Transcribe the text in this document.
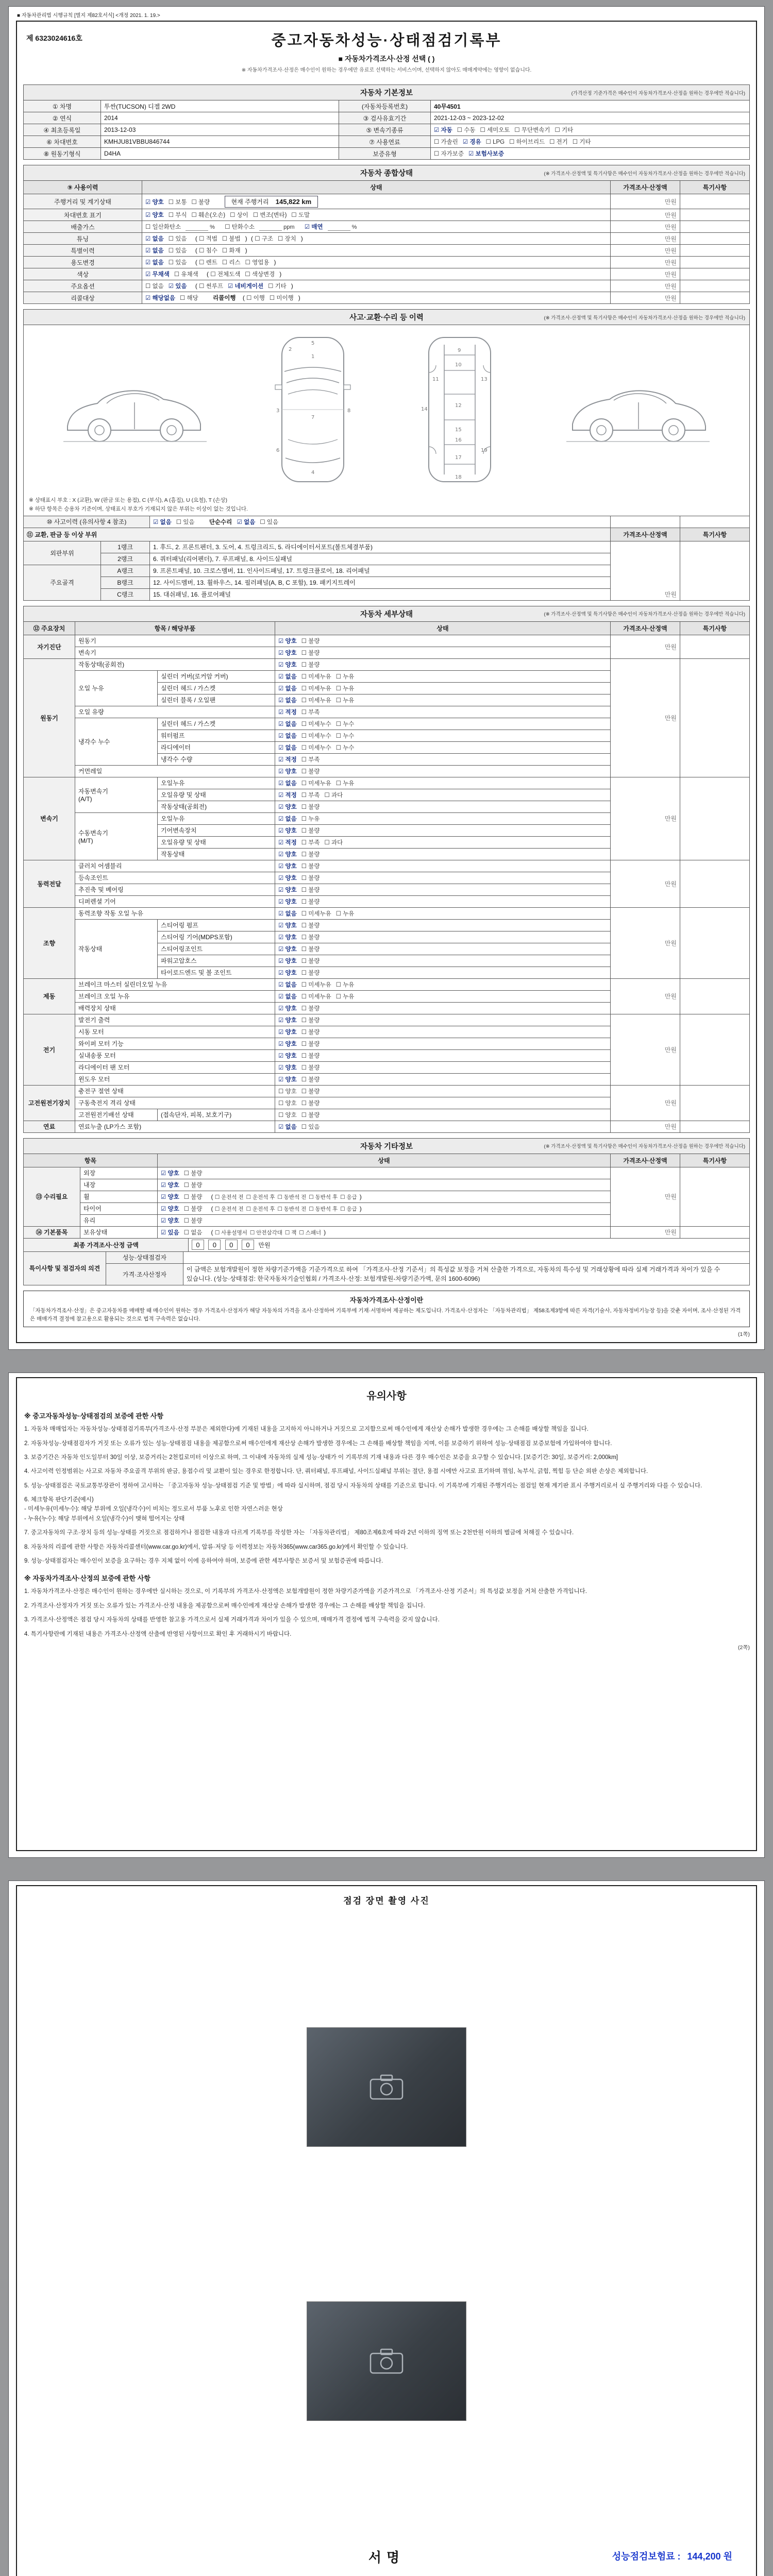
■ 자동차관리법 시행규칙 [별지 제82호서식] <개정 2021. 1. 19.>
제 6323024616호	중고자동차성능·상태점검기록부
■ 자동차가격조사·산정 선택 ( )
※ 자동차가격조사·산정은 매수인이 원하는 경우에만 유료로 선택하는 서비스이며, 선택하지 않아도 매매계약에는 영향이 없습니다.
자동차 기본정보	(가격산정 기준가격은 매수인이 자동차가격조사·산정을 원하는 경우에만 적습니다)
① 차명	투싼(TUCSON) 디젤 2WD	(자동차등록번호)	40무4501
② 연식	2014	③ 검사유효기간	2021-12-03 ~ 2023-12-02
④ 최초등록일	2013-12-03	⑤ 변속기종류	☑ 자동 ☐ 수동 ☐ 세미오토 ☐ 무단변속기 ☐ 기타
⑥ 차대번호	KMHJU81VBBU846744	⑦ 사용연료	☐ 가솔린 ☑ 경유 ☐ LPG ☐ 하이브리드 ☐ 전기 ☐ 기타
⑧ 원동기형식	D4HA	보증유형	☐ 자가보증 ☑ 보험사보증
자동차 종합상태	(※ 가격조사·산정액 및 특기사항은 매수인이 자동차가격조사·산정을 원하는 경우에만 적습니다)
⑨ 사용이력	상태	가격조사·산정액	특기사항
주행거리 및 계기상태	☑ 양호 ☐ 보통 ☐ 불량 현재 주행거리 145,822 km	만원	
차대번호 표기	☑ 양호 ☐ 부식 ☐ 훼손(오손) ☐ 상이 ☐ 변조(변타) ☐ 도말	만원	
배출가스	☐ 일산화탄소 % ☐ 탄화수소 ppm ☑ 매연 %	만원	
튜닝	☑ 없음 ☐ 있음 ( ☐ 적법 ☐ 불법 ) ( ☐ 구조 ☐ 장치 )	만원	
특별이력	☑ 없음 ☐ 있음 ( ☐ 침수 ☐ 화재 )	만원	
용도변경	☑ 없음 ☐ 있음 ( ☐ 렌트 ☐ 리스 ☐ 영업용 )	만원	
색상	☑ 무채색 ☐ 유채색 ( ☐ 전체도색 ☐ 색상변경 )	만원	
주요옵션	☐ 없음 ☑ 있음 ( ☐ 썬루프 ☑ 네비게이션 ☐ 기타 )	만원	
리콜대상	☑ 해당없음 ☐ 해당 리콜이행 ( ☐ 이행 ☐ 미이행 )	만원	
사고·교환·수리 등 이력	(※ 가격조사·산정액 및 특기사항은 매수인이 자동차가격조사·산정을 원하는 경우에만 적습니다)
1
2
3
4
5
6
7
8
9
10
11
12
13
14
15
16
17
18
19
※ 상태표시 부호 : X (교환), W (판금 또는 용접), C (부식), A (흠집), U (요철), T (손상)
※ 하단 항목은 승용차 기준이며, 상태표시 부호가 기재되지 않은 부위는 이상이 없는 것입니다.
⑩ 사고이력 (유의사항 4 참조)		☑ 없음 ☐ 있음 단순수리 ☑ 없음 ☐ 있음		
⑪ 교환, 판금 등 이상 부위			가격조사·산정액	특기사항
외판부위	1랭크	1. 후드, 2. 프론트펜더, 3. 도어, 4. 트렁크리드, 5. 라디에이터서포트(볼트체결부품)	만원	
	2랭크	6. 쿼터패널(리어펜더), 7. 루프패널, 8. 사이드실패널		
주요골격	A랭크	9. 프론트패널, 10. 크로스멤버, 11. 인사이드패널, 17. 트렁크플로어, 18. 리어패널		
	B랭크	12. 사이드멤버, 13. 휠하우스, 14. 필러패널(A, B, C 포함), 19. 패키지트레이		
	C랭크	15. 대쉬패널, 16. 플로어패널		
자동차 세부상태	(※ 가격조사·산정액 및 특기사항은 매수인이 자동차가격조사·산정을 원하는 경우에만 적습니다)
⑫ 주요장치	항목 / 해당부품		상태	가격조사·산정액	특기사항
자기진단	원동기		☑ 양호 ☐ 불량	만원	
	변속기		☑ 양호 ☐ 불량		
원동기	작동상태(공회전)		☑ 양호 ☐ 불량	만원	
	오일 누유	실린더 커버(로커암 커버)	☑ 없음 ☐ 미세누유 ☐ 누유		
		실린더 헤드 / 가스켓	☑ 없음 ☐ 미세누유 ☐ 누유		
		실린더 블록 / 오일팬	☑ 없음 ☐ 미세누유 ☐ 누유		
	오일 유량		☑ 적정 ☐ 부족		
	냉각수 누수	실린더 헤드 / 가스켓	☑ 없음 ☐ 미세누수 ☐ 누수		
		워터펌프	☑ 없음 ☐ 미세누수 ☐ 누수		
		라디에이터	☑ 없음 ☐ 미세누수 ☐ 누수		
		냉각수 수량	☑ 적정 ☐ 부족		
	커먼레일		☑ 양호 ☐ 불량		
변속기	자동변속기
(A/T)	오일누유	☑ 없음 ☐ 미세누유 ☐ 누유	만원	
		오일유량 및 상태	☑ 적정 ☐ 부족 ☐ 과다		
		작동상태(공회전)	☑ 양호 ☐ 불량		
	수동변속기
(M/T)	오일누유	☑ 없음 ☐ 누유		
		기어변속장치	☑ 양호 ☐ 불량		
		오일유량 및 상태	☑ 적정 ☐ 부족 ☐ 과다		
		작동상태	☑ 양호 ☐ 불량		
동력전달	클러치 어셈블리		☑ 양호 ☐ 불량	만원	
	등속조인트		☑ 양호 ☐ 불량		
	추진축 및 베어링		☑ 양호 ☐ 불량		
	디퍼렌셜 기어		☑ 양호 ☐ 불량		
조향	동력조향 작동 오일 누유		☑ 없음 ☐ 미세누유 ☐ 누유	만원	
	작동상태	스티어링 펌프	☑ 양호 ☐ 불량		
		스티어링 기어(MDPS포함)	☑ 양호 ☐ 불량		
		스티어링조인트	☑ 양호 ☐ 불량		
		파워고압호스	☑ 양호 ☐ 불량		
		타이로드엔드 및 볼 조인트	☑ 양호 ☐ 불량		
제동	브레이크 마스터 실린더오일 누유		☑ 없음 ☐ 미세누유 ☐ 누유	만원	
	브레이크 오일 누유		☑ 없음 ☐ 미세누유 ☐ 누유		
	배력장치 상태		☑ 양호 ☐ 불량		
전기	발전기 출력		☑ 양호 ☐ 불량	만원	
	시동 모터		☑ 양호 ☐ 불량		
	와이퍼 모터 기능		☑ 양호 ☐ 불량		
	실내송풍 모터		☑ 양호 ☐ 불량		
	라디에이터 팬 모터		☑ 양호 ☐ 불량		
	윈도우 모터		☑ 양호 ☐ 불량		
고전원전기장치	충전구 절연 상태		☐ 양호 ☐ 불량	만원	
	구동축전지 격리 상태		☐ 양호 ☐ 불량		
	고전원전기배선 상태	(접속단자, 피복, 보호기구)	☐ 양호 ☐ 불량		
연료	연료누출 (LP가스 포함)		☑ 없음 ☐ 있음	만원	
자동차 기타정보	(※ 가격조사·산정액 및 특기사항은 매수인이 자동차가격조사·산정을 원하는 경우에만 적습니다)
항목		상태	가격조사·산정액	특기사항
⑬ 수리필요	외장	☑ 양호 ☐ 불량	만원	
	내장	☑ 양호 ☐ 불량		
	휠	☑ 양호 ☐ 불량 ( ☐ 운전석 전 ☐ 운전석 후 ☐ 동반석 전 ☐ 동반석 후 ☐ 응급 )
	타이어	☑ 양호 ☐ 불량 ( ☐ 운전석 전 ☐ 운전석 후 ☐ 동반석 전 ☐ 동반석 후 ☐ 응급 )
	유리	☑ 양호 ☐ 불량		
⑭ 기본품목	보유상태	☑ 있음 ☐ 없음 ( ☐ 사용설명서 ☐ 안전삼각대 ☐ 잭 ☐ 스패너 )	만원	
최종 가격조사·산정 금액	0 0 0 0 만원
특이사항 및 점검자의 의견	성능·상태점검자	
	가격·조사산정자	이 금액은 보험개발원이 정한 차량기준가액을 기준가격으로 하여 「가격조사·산정 기준서」의 특성값 보정을 거쳐 산출한 가격으로, 자동차의 특수성 및 거래상황에 따라 실제 거래가격과 차이가 있을 수 있습니다. (성능·상태점검: 한국자동차기술인협회 / 가격조사·산정: 보험개발원-차량기준가액, 문의 1600-6096)
자동차가격조사·산정이란
「자동차가격조사·산정」은 중고자동차를 매매할 때 매수인이 원하는 경우 가격조사·산정자가 해당 자동차의 가격을 조사·산정하여 기록부에 기재·서명하여 제공하는 제도입니다. 가격조사·산정자는 「자동차관리법」 제58조제3항에 따른 자격(기술사, 자동차정비기능장 등)을 갖춘 자이며, 조사·산정된 가격은 매매가격 결정에 참고용으로 활용되는 것으로 법적 구속력은 없습니다.
(1쪽)
유의사항
※ 중고자동차성능·상태점검의 보증에 관한 사항
1. 자동차 매매업자는 자동차성능·상태점검기록부(가격조사·산정 부분은 제외한다)에 기재된 내용을 고지하지 아니하거나 거짓으로 고지함으로써 매수인에게 재산상 손해가 발생한 경우에는 그 손해를 배상할 책임을 집니다.
2. 자동차성능·상태점검자가 거짓 또는 오류가 있는 성능·상태점검 내용을 제공함으로써 매수인에게 재산상 손해가 발생한 경우에는 그 손해를 배상할 책임을 지며, 이를 보증하기 위하여 성능·상태점검 보증보험에 가입하여야 합니다.
3. 보증기간은 자동차 인도일부터 30일 이상, 보증거리는 2천킬로미터 이상으로 하며, 그 이내에 자동차의 실제 성능·상태가 이 기록부의 기재 내용과 다른 경우 매수인은 보증을 요구할 수 있습니다. [보증기간: 30일, 보증거리: 2,000km]
4. 사고이력 인정범위는 사고로 자동차 주요골격 부위의 판금, 용접수리 및 교환이 있는 경우로 한정합니다. 단, 쿼터패널, 루프패널, 사이드실패널 부위는 절단, 용접 시에만 사고로 표기하며 꺾임, 녹부식, 긁힘, 찍힘 등 단순 외판 손상은 제외합니다.
5. 성능·상태점검은 국토교통부장관이 정하여 고시하는 「중고자동차 성능·상태점검 기준 및 방법」에 따라 실시하며, 점검 당시 자동차의 상태를 기준으로 합니다. 이 기록부에 기재된 주행거리는 점검일 현재 계기판 표시 주행거리로서 실 주행거리와 다를 수 있습니다.
6. 체크항목 판단기준(예시)
- 미세누유(미세누수): 해당 부위에 오일(냉각수)이 비치는 정도로서 부품 노후로 인한 자연스러운 현상
- 누유(누수): 해당 부위에서 오일(냉각수)이 맺혀 떨어지는 상태
7. 중고자동차의 구조·장치 등의 성능·상태를 거짓으로 점검하거나 점검한 내용과 다르게 기록부를 작성한 자는 「자동차관리법」 제80조제6호에 따라 2년 이하의 징역 또는 2천만원 이하의 벌금에 처해질 수 있습니다.
8. 자동차의 리콜에 관한 사항은 자동차리콜센터(www.car.go.kr)에서, 압류·저당 등 이력정보는 자동차365(www.car365.go.kr)에서 확인할 수 있습니다.
9. 성능·상태점검자는 매수인이 보증을 요구하는 경우 지체 없이 이에 응하여야 하며, 보증에 관한 세부사항은 보증서 및 보험증권에 따릅니다.
※ 자동차가격조사·산정의 보증에 관한 사항
1. 자동차가격조사·산정은 매수인이 원하는 경우에만 실시하는 것으로, 이 기록부의 가격조사·산정액은 보험개발원이 정한 차량기준가액을 기준가격으로 「가격조사·산정 기준서」의 특성값 보정을 거쳐 산출한 가격입니다.
2. 가격조사·산정자가 거짓 또는 오류가 있는 가격조사·산정 내용을 제공함으로써 매수인에게 재산상 손해가 발생한 경우에는 그 손해를 배상할 책임을 집니다.
3. 가격조사·산정액은 점검 당시 자동차의 상태를 반영한 참고용 가격으로서 실제 거래가격과 차이가 있을 수 있으며, 매매가격 결정에 법적 구속력을 갖지 않습니다.
4. 특기사항란에 기재된 내용은 가격조사·산정액 산출에 반영된 사항이므로 확인 후 거래하시기 바랍니다.
(2쪽)
점검 장면 촬영 사진
서명	성능점검보험료 : 144,200 원
